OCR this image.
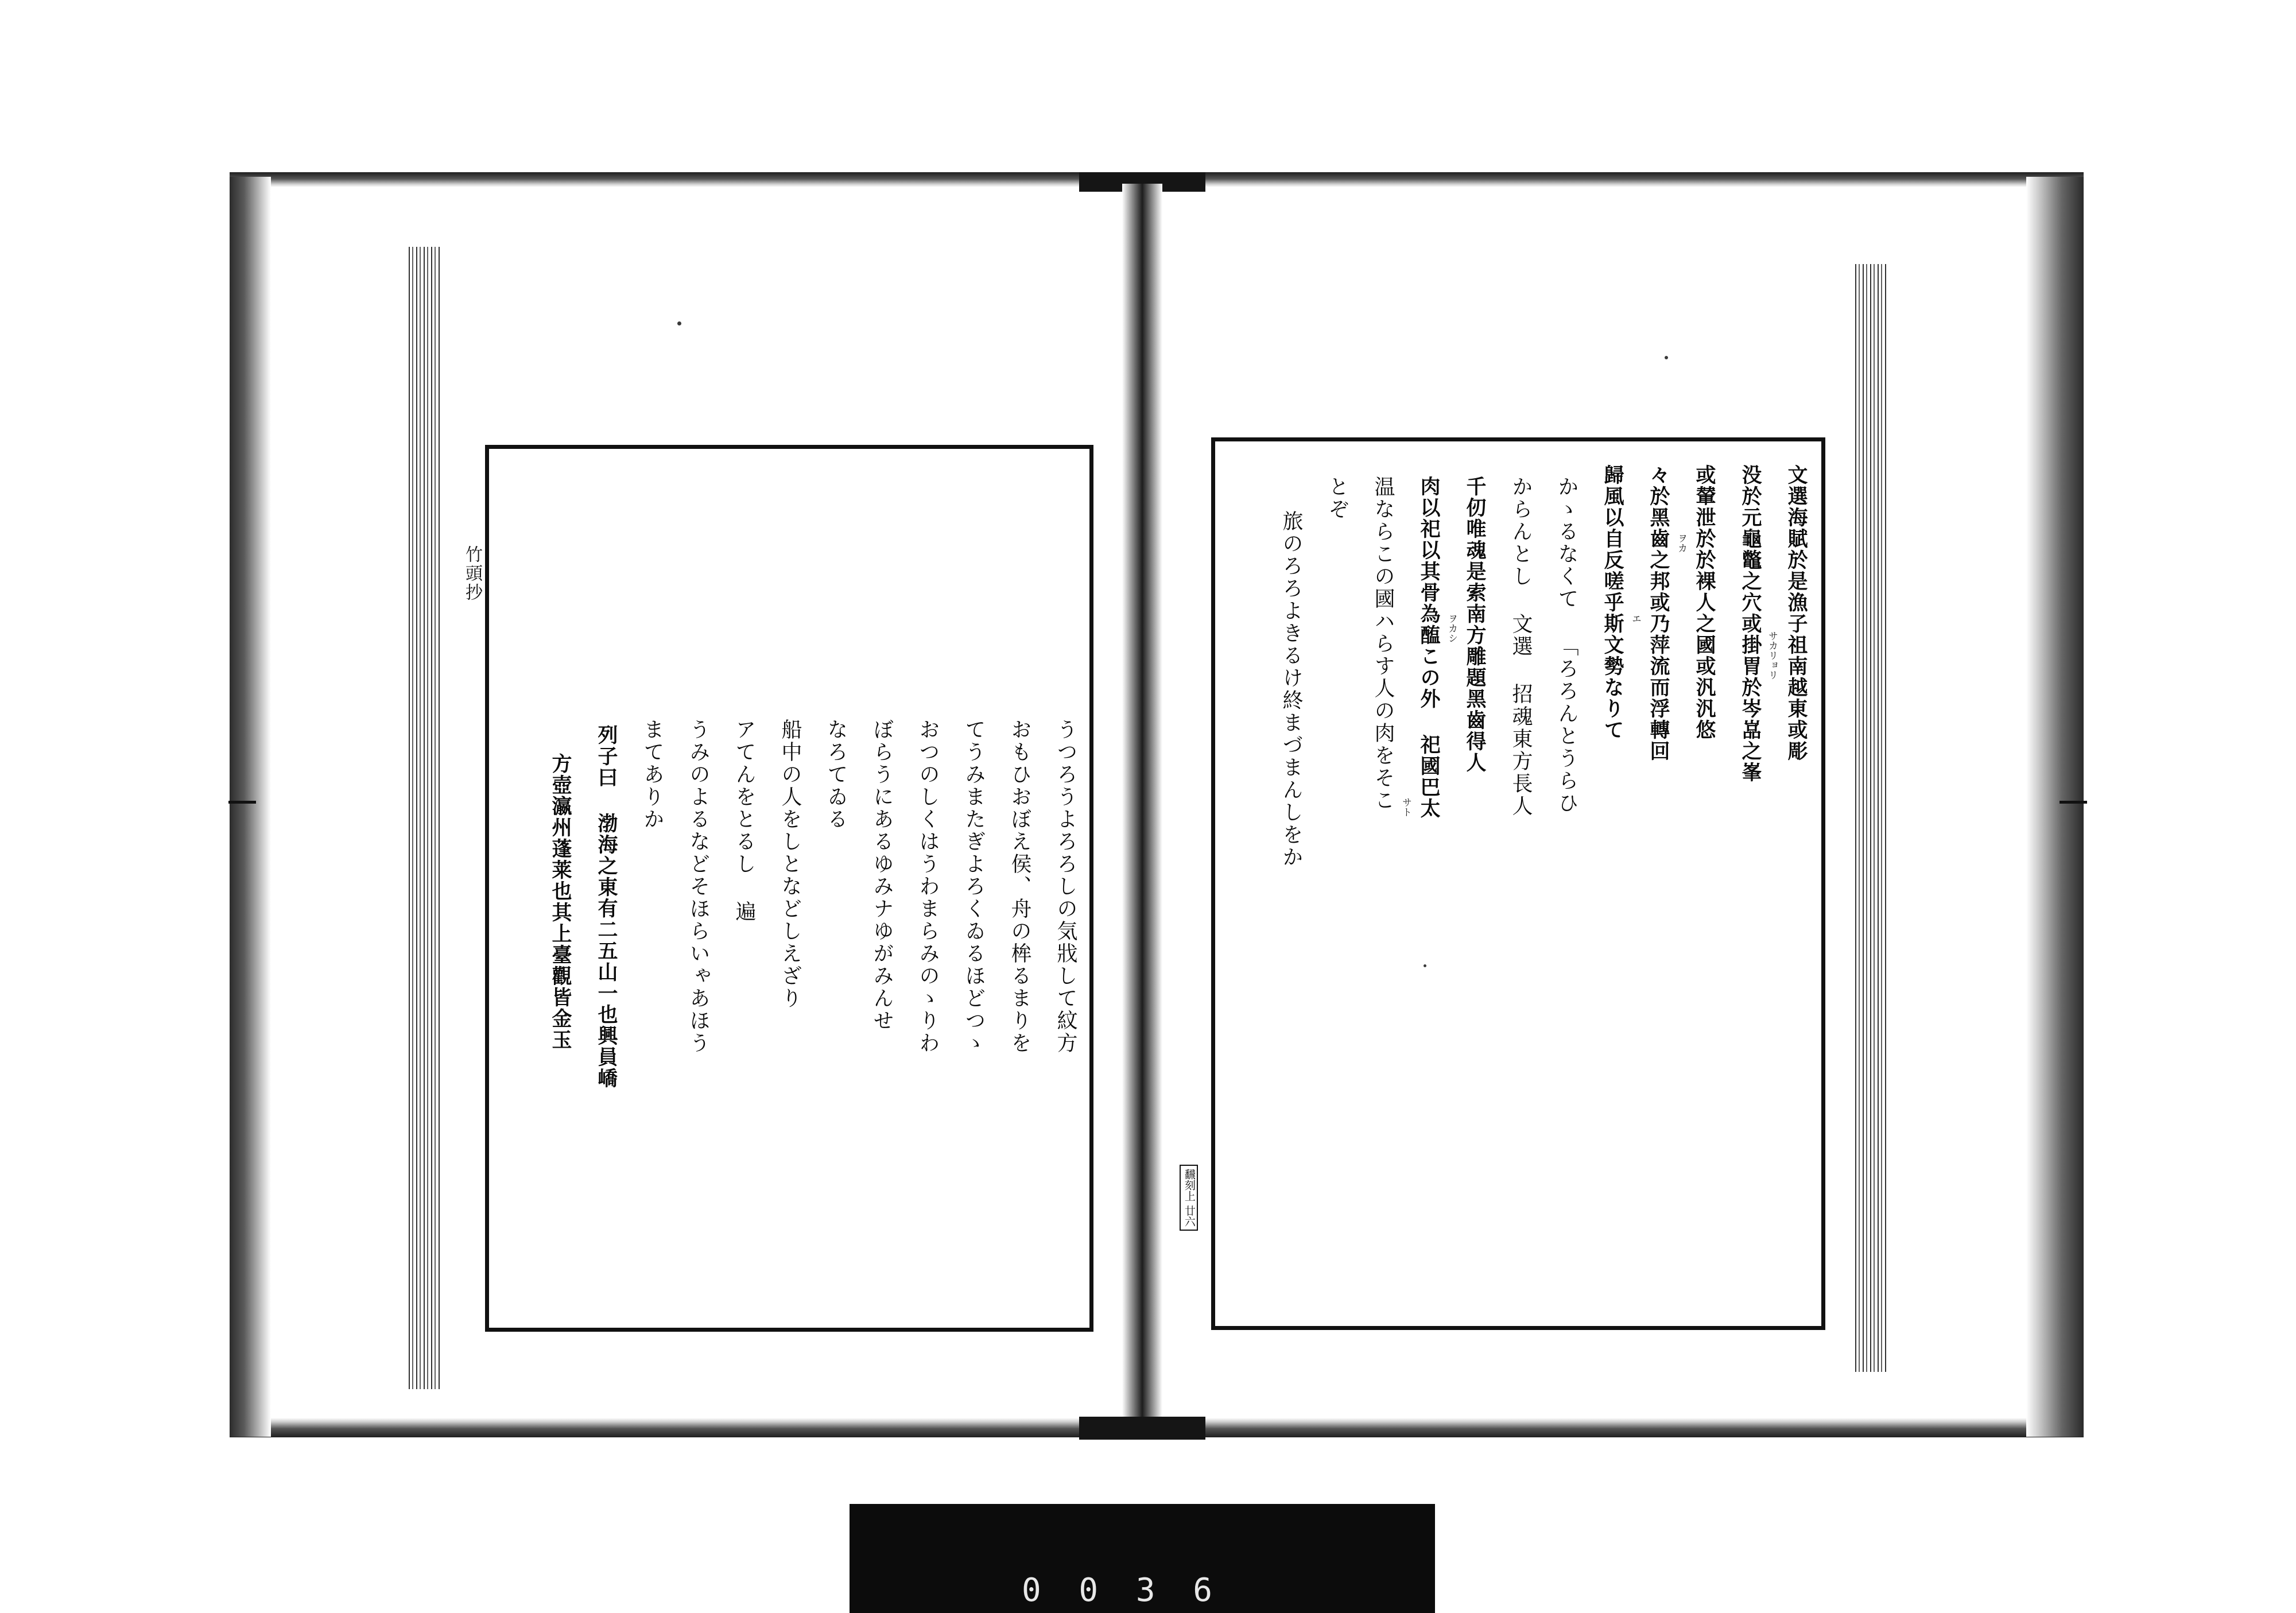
竹頭抄
うつろうよろろしの気戕して紋方
おもひおぼえ侯、舟の桙るまりを
てうみまたぎよろくゐるほどつゝ
おつのしくはうわまらみのゝりわ
ぼらうにあるゆみナゆがみんせ
なろてゐる
船中の人をしとなどしえざり
アてんをとるし 遍
うみのよるなどそほらいゃあほう
まてありか
列子曰 渤海之東有二五山一也興員嶠
方壺瀛州蓬莱也其上臺觀皆金玉
文選海賦於是漁子祖南越東或彫
没於元龜鼈之穴或掛胃於岑嵓之峯
或輦泄於於裸人之國或汎汎悠
々於黑齒之邦或乃萍流而浮轉回
歸風以自反嗟乎斯文勢なりて
かゝるなくて 「ろろんとうらひ
からんとし 文選 招魂東方長人
千仞唯魂是索南方雕題黑齒得人
肉以祀以其骨為醢この外 祀國巴太
温ならこの國ハらす人の肉をそこ
とぞ
旅のろろよきるけ終まづまんしをか	サカリョリ
ヲカ
エ
ヲカシ
サト
飜刻上 廿六
0 0 3 6
